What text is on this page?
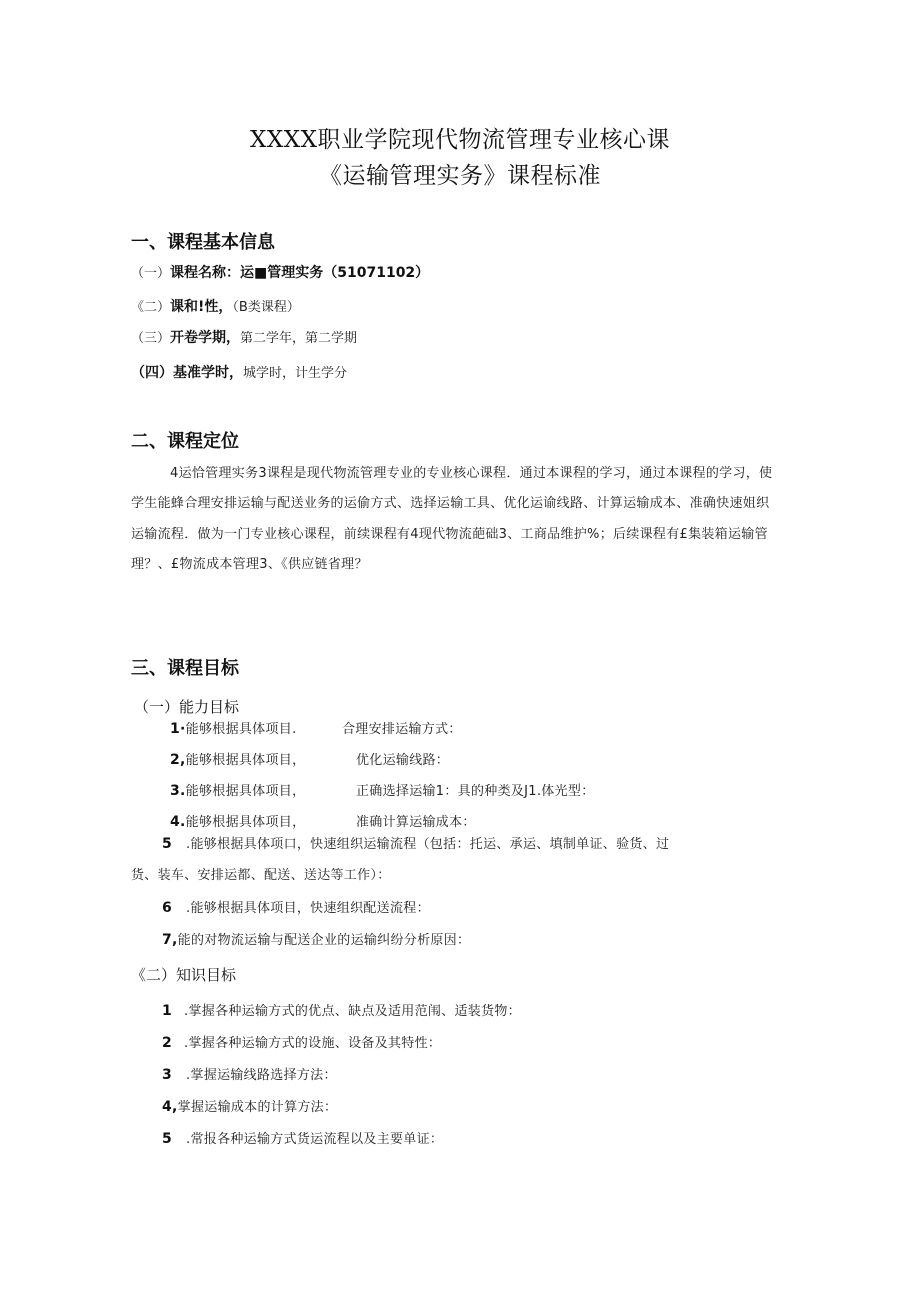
XXXX职业学院现代物流管理专业核心课
《运输管理实务》课程标准
一、课程基本信息
（一）课程名称：运■管理实务（51071102）
《二）课和!性，（B类课程）
（三）开卷学期，第二学年，第二学期
（四）基准学时，城学时，计生学分
二、课程定位
4运恰管理实务3课程是现代物流管理专业的专业核心课程．通过本课程的学习，通过本课程的学习，使
学生能蜂合理安排运输与配送业务的运偷方式、选择运输工具、优化运谕线路、计算运输成本、准确快速姐织
运输流程．做为一门专业核心课程，前续课程有4现代物流葩础3、工商品维护%；后续课程有£集装箱运输管
理？、£物流成本管理3、《供应链省理？
三、课程目标
（一）能力目标
1·能够根据具体项目.	合理安排运输方式：
2,能够根据具体项目，	优化运输线路：
3.能够根据具体项目，	正确选择运输1：具的种类及J1.体光型：
4.能够根据具体项目，	准确计算运输成本：
5 .能够根据具体项口，快速组织运输流程（包括：托运、承运、填制单证、验货、过
货、装车、安排运都、配送、送达等工作）：
6 .能够根据具体项目，快速组织配送流程：
7,能的对物流运输与配送企业的运输纠纷分析原因：
《二）知识目标
1 .掌握各种运输方式的优点、缺点及适用范闱、适装货物：
2 .掌握各种运输方式的设施、设备及其特性：
3 .掌握运输线路选择方法：
4,掌握运输成本的计算方法：
5 .常报各种运输方式货运流程以及主要单证：
